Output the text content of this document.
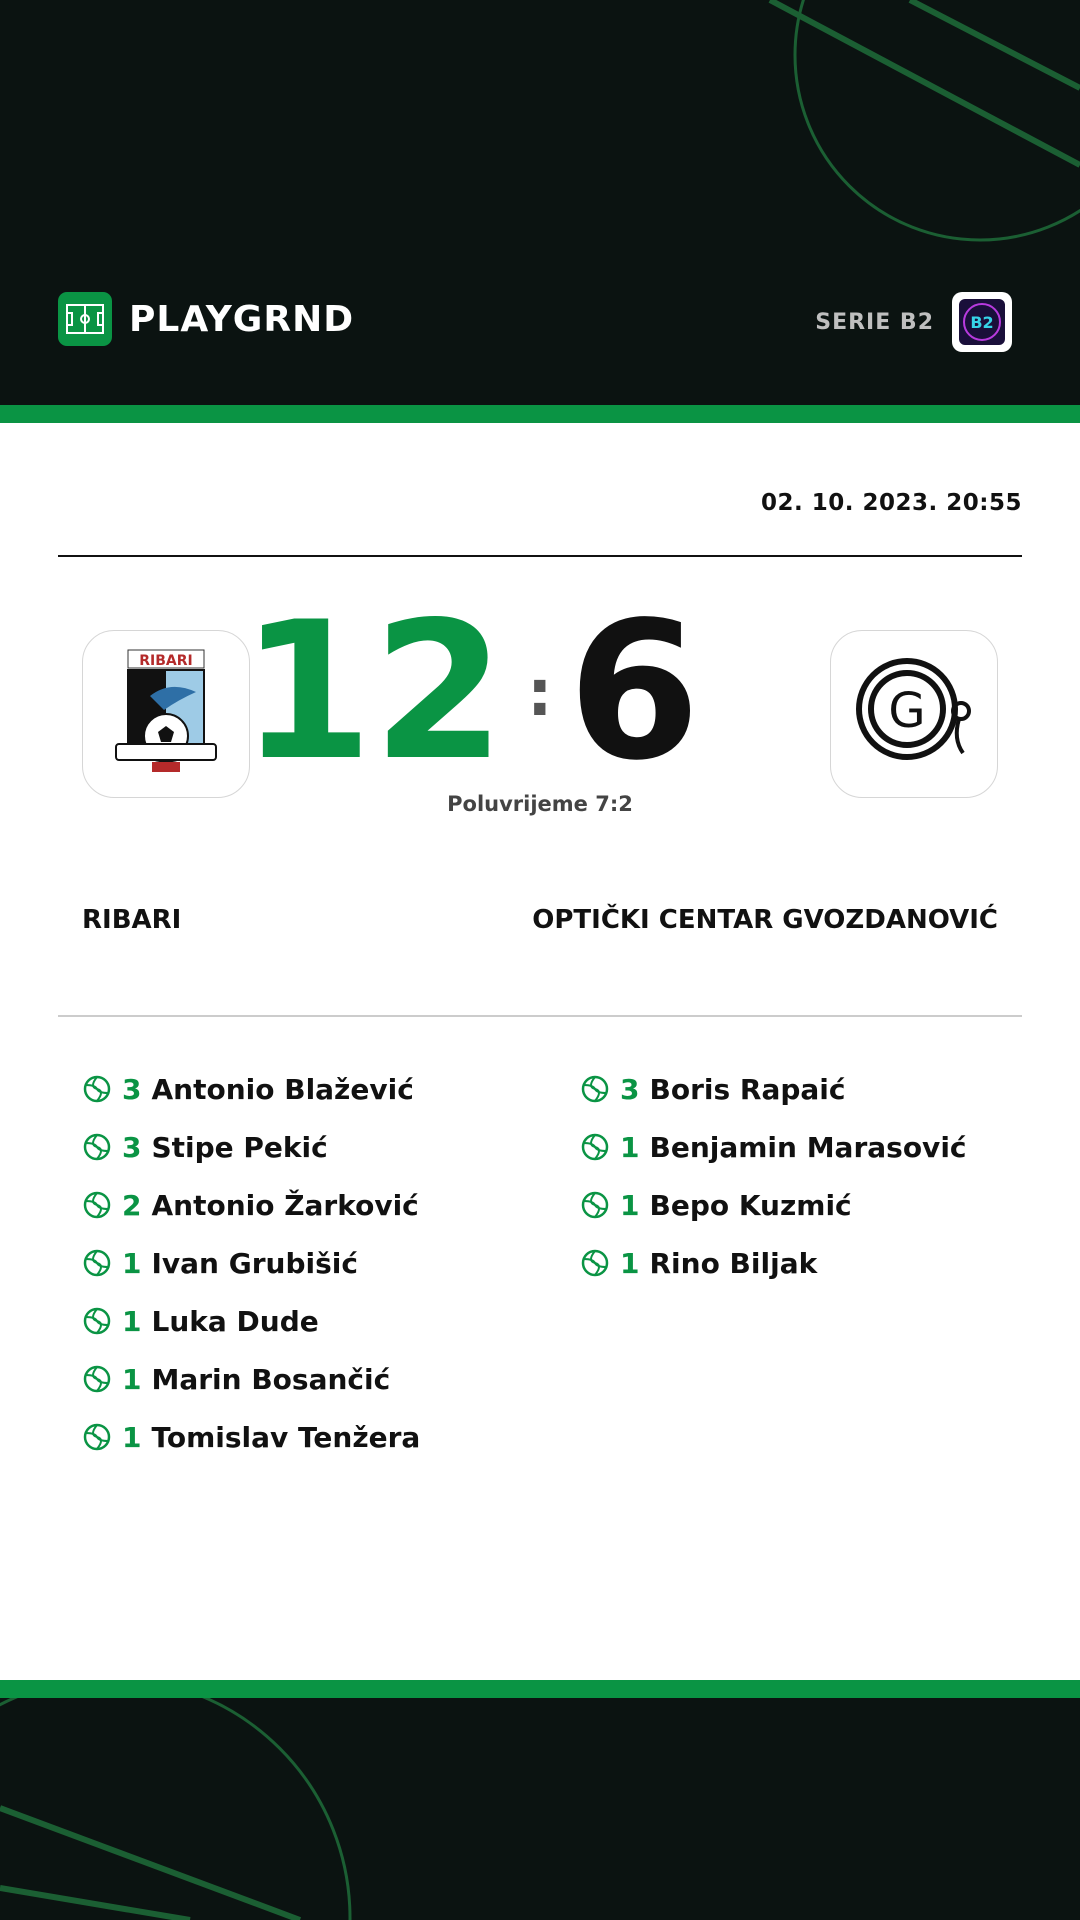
PLAYGRND	SERIE B2 B2
02. 10. 2023. 20:55
RIBARI 12 : 6	G
Poluvrijeme 7:2
RIBARI	OPTIČKI CENTAR GVOZDANOVIĆ
3 Antonio Blažević
3 Stipe Pekić
2 Antonio Žarković
1 Ivan Grubišić
1 Luka Dude
1 Marin Bosančić
1 Tomislav Tenžera
3 Boris Rapaić
1 Benjamin Marasović
1 Bepo Kuzmić
1 Rino Biljak
